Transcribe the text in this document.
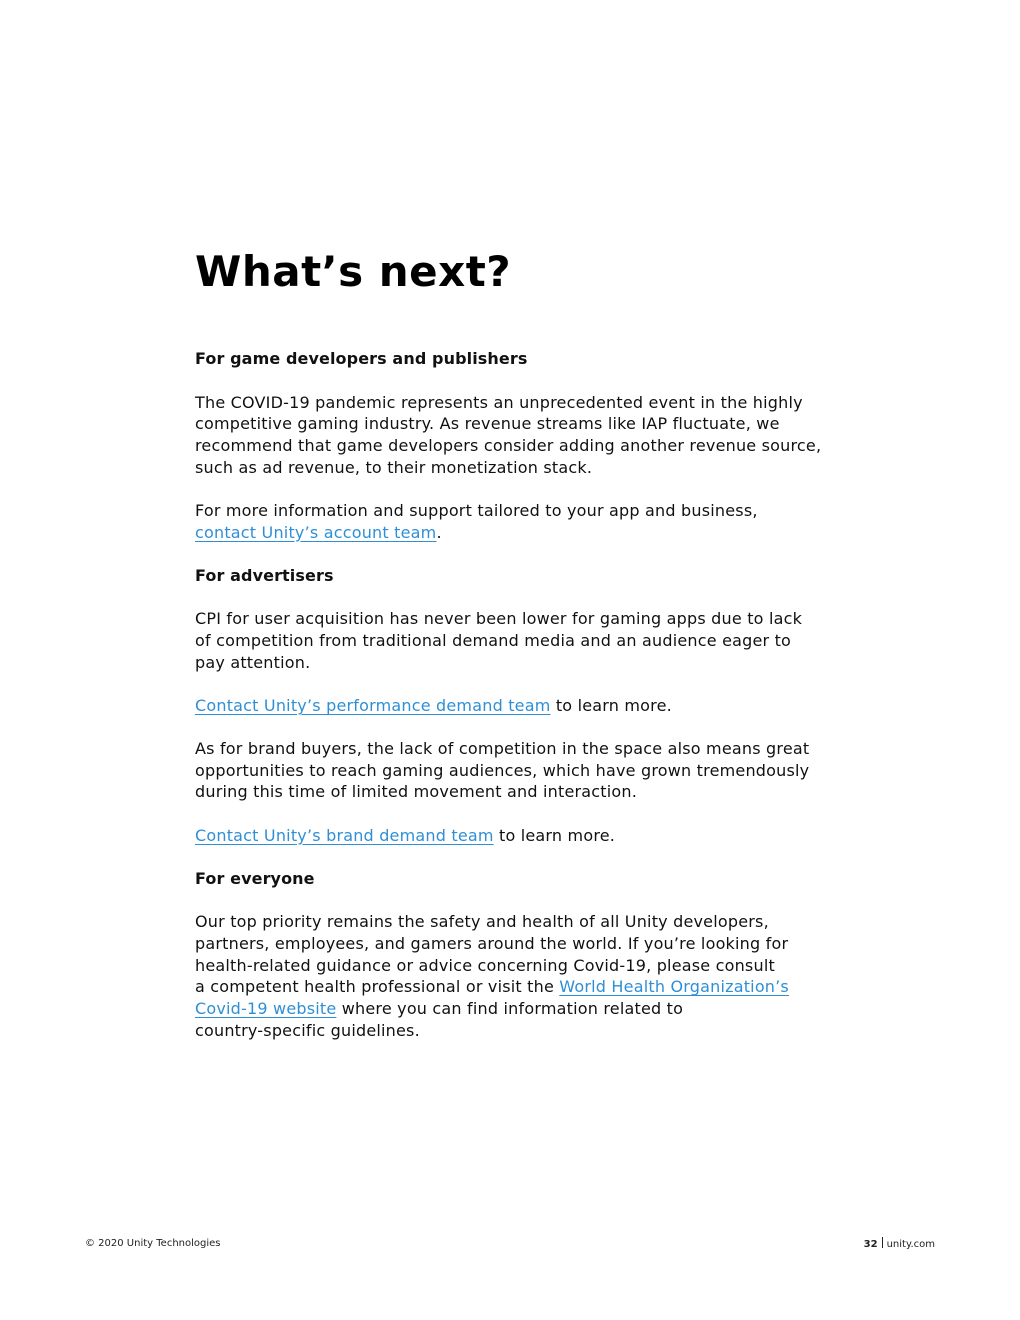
What’s next?
For game developers and publishers
The COVID-19 pandemic represents an unprecedented event in the highly
competitive gaming industry. As revenue streams like IAP fluctuate, we
recommend that game developers consider adding another revenue source,
such as ad revenue, to their monetization stack.
For more information and support tailored to your app and business,
contact Unity’s account team.
For advertisers
CPI for user acquisition has never been lower for gaming apps due to lack
of competition from traditional demand media and an audience eager to
pay attention.
Contact Unity’s performance demand team to learn more.
As for brand buyers, the lack of competition in the space also means great
opportunities to reach gaming audiences, which have grown tremendously
during this time of limited movement and interaction.
Contact Unity’s brand demand team to learn more.
For everyone
Our top priority remains the safety and health of all Unity developers,
partners, employees, and gamers around the world. If you’re looking for
health-related guidance or advice concerning Covid-19, please consult
a competent health professional or visit the World Health Organization’s
Covid-19 website where you can find information related to
country-specific guidelines.
© 2020 Unity Technologies	32 unity.com
